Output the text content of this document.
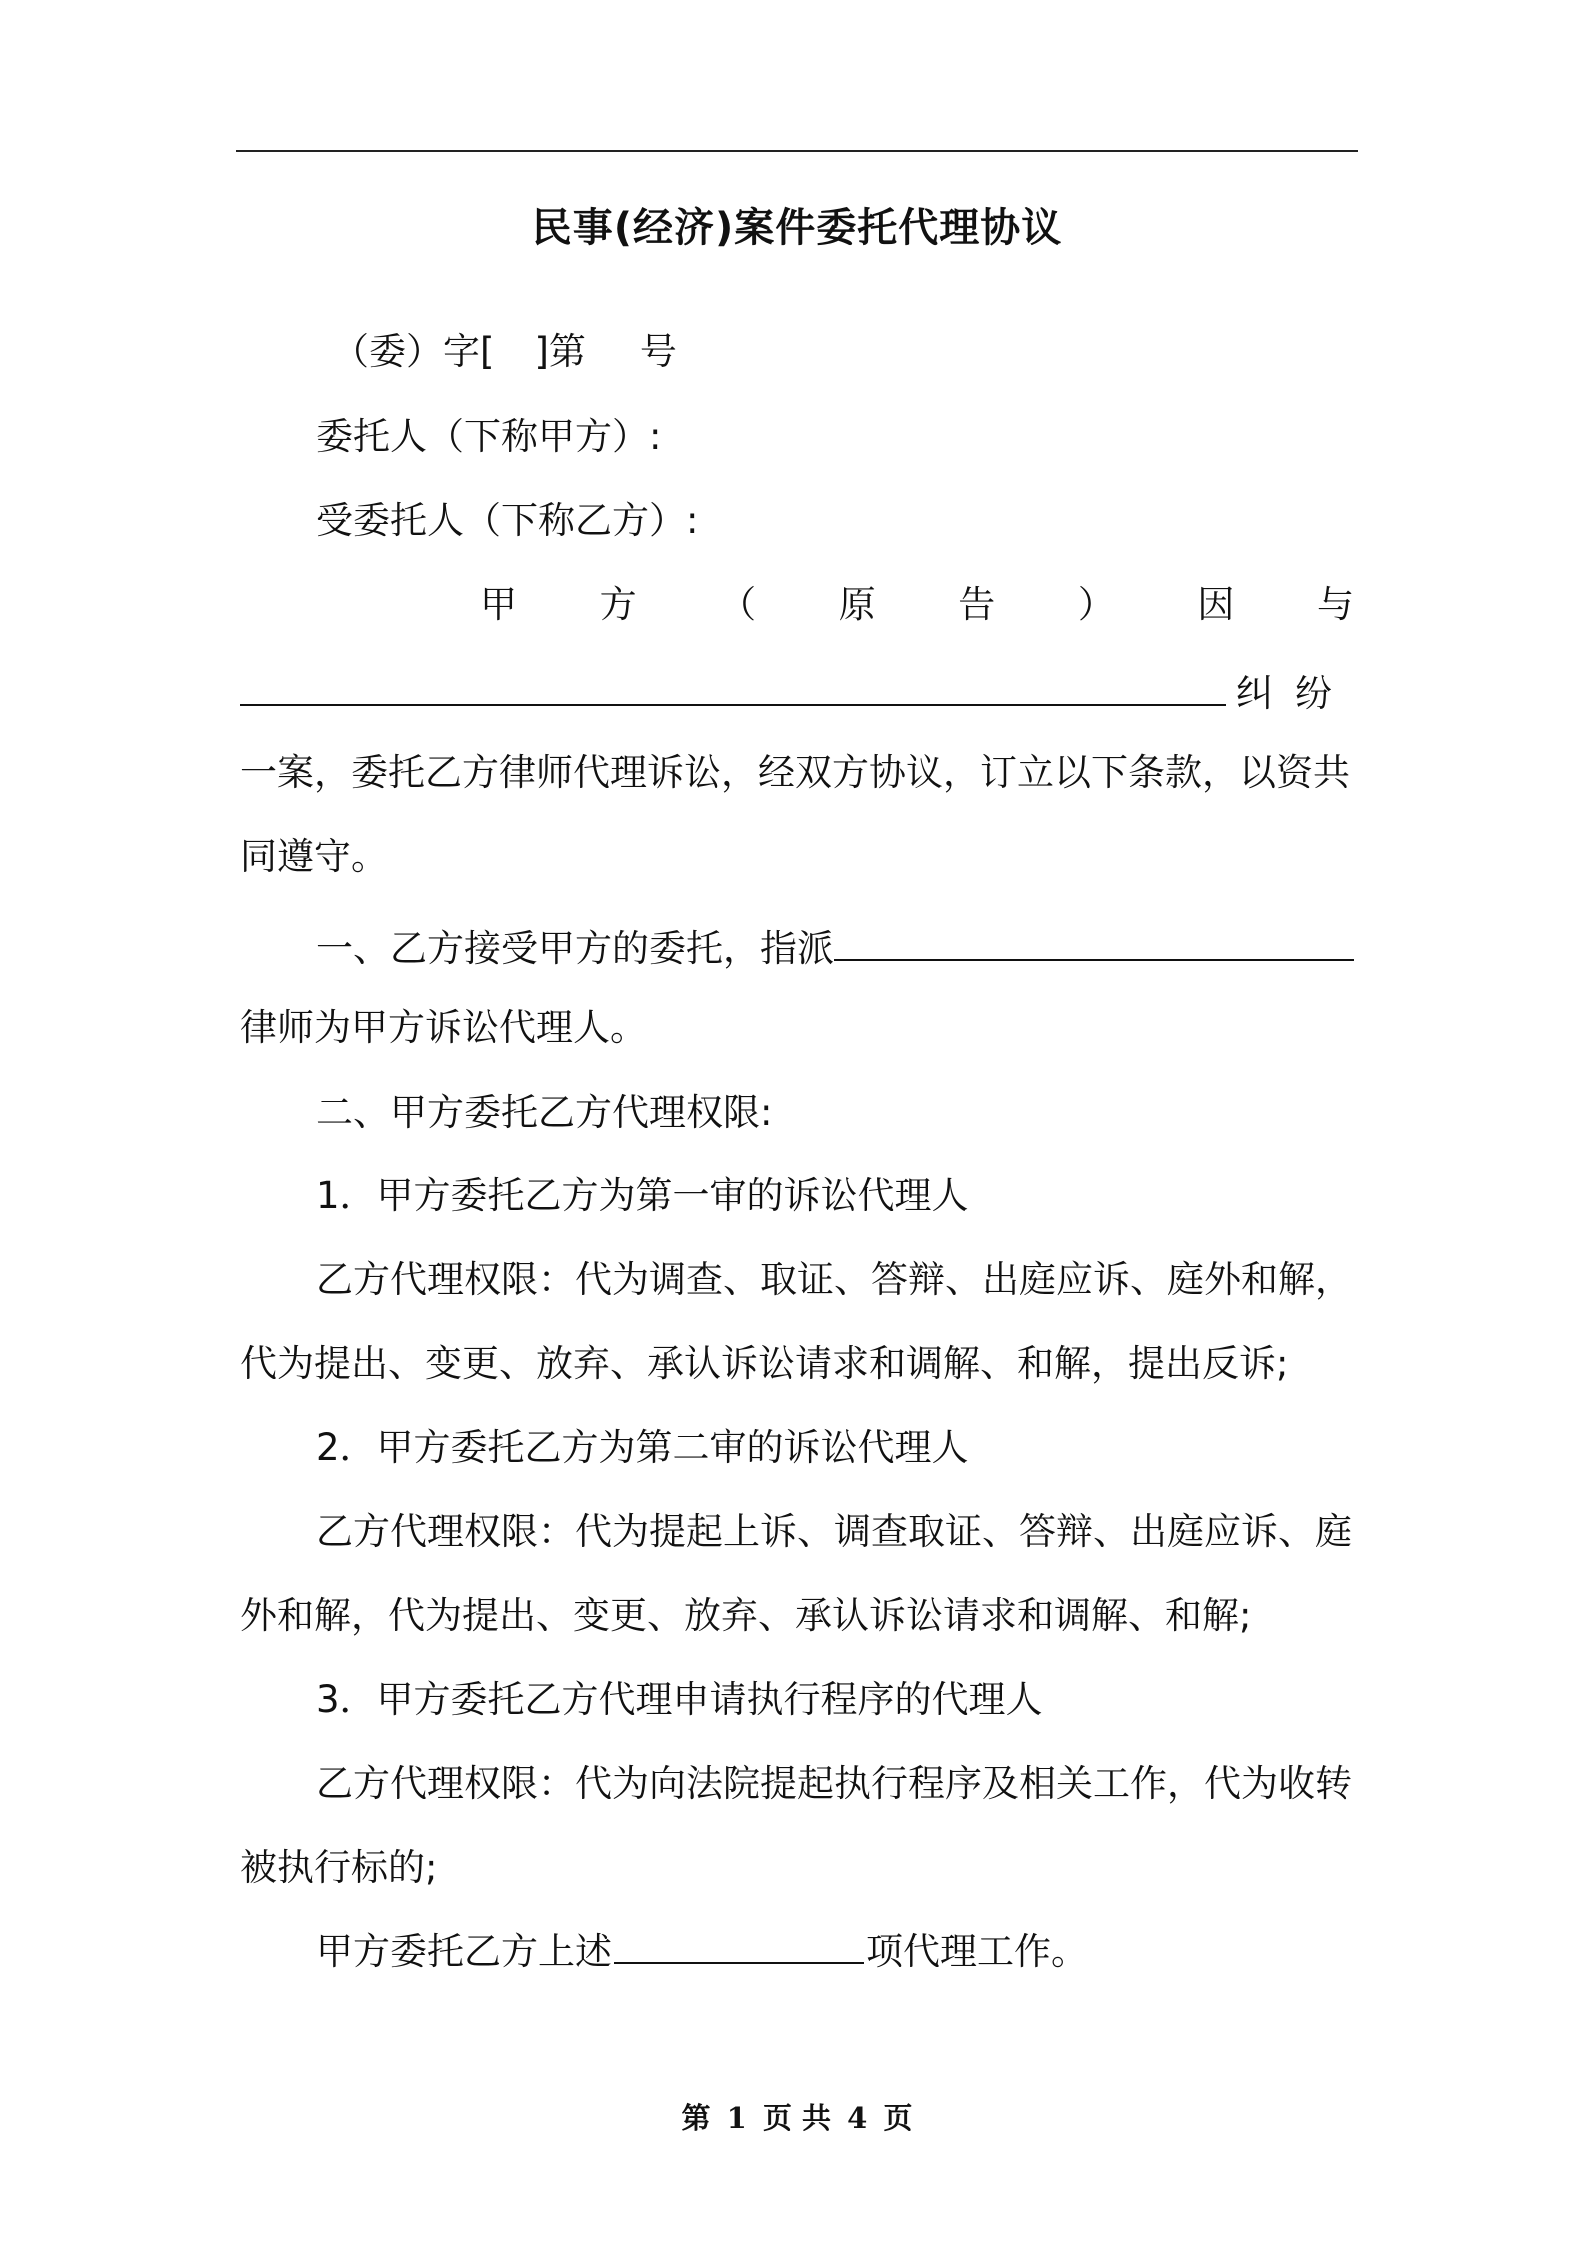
民事(经济)案件委托代理协议
（委）字[ ]第 号
委托人（下称甲方）:
受委托人（下称乙方）:
甲 方 （ 原 告 ） 因 与
纠纷
一案，委托乙方律师代理诉讼，经双方协议，订立以下条款，以资共
同遵守。
一、乙方接受甲方的委托，指派
律师为甲方诉讼代理人。
二、甲方委托乙方代理权限:
1．甲方委托乙方为第一审的诉讼代理人
乙方代理权限：代为调查、取证、答辩、出庭应诉、庭外和解，
代为提出、变更、放弃、承认诉讼请求和调解、和解，提出反诉;
2．甲方委托乙方为第二审的诉讼代理人
乙方代理权限：代为提起上诉、调查取证、答辩、出庭应诉、庭
外和解，代为提出、变更、放弃、承认诉讼请求和调解、和解;
3．甲方委托乙方代理申请执行程序的代理人
乙方代理权限：代为向法院提起执行程序及相关工作，代为收转
被执行标的;
甲方委托乙方上述	项代理工作。
第 1 页 共 4 页
